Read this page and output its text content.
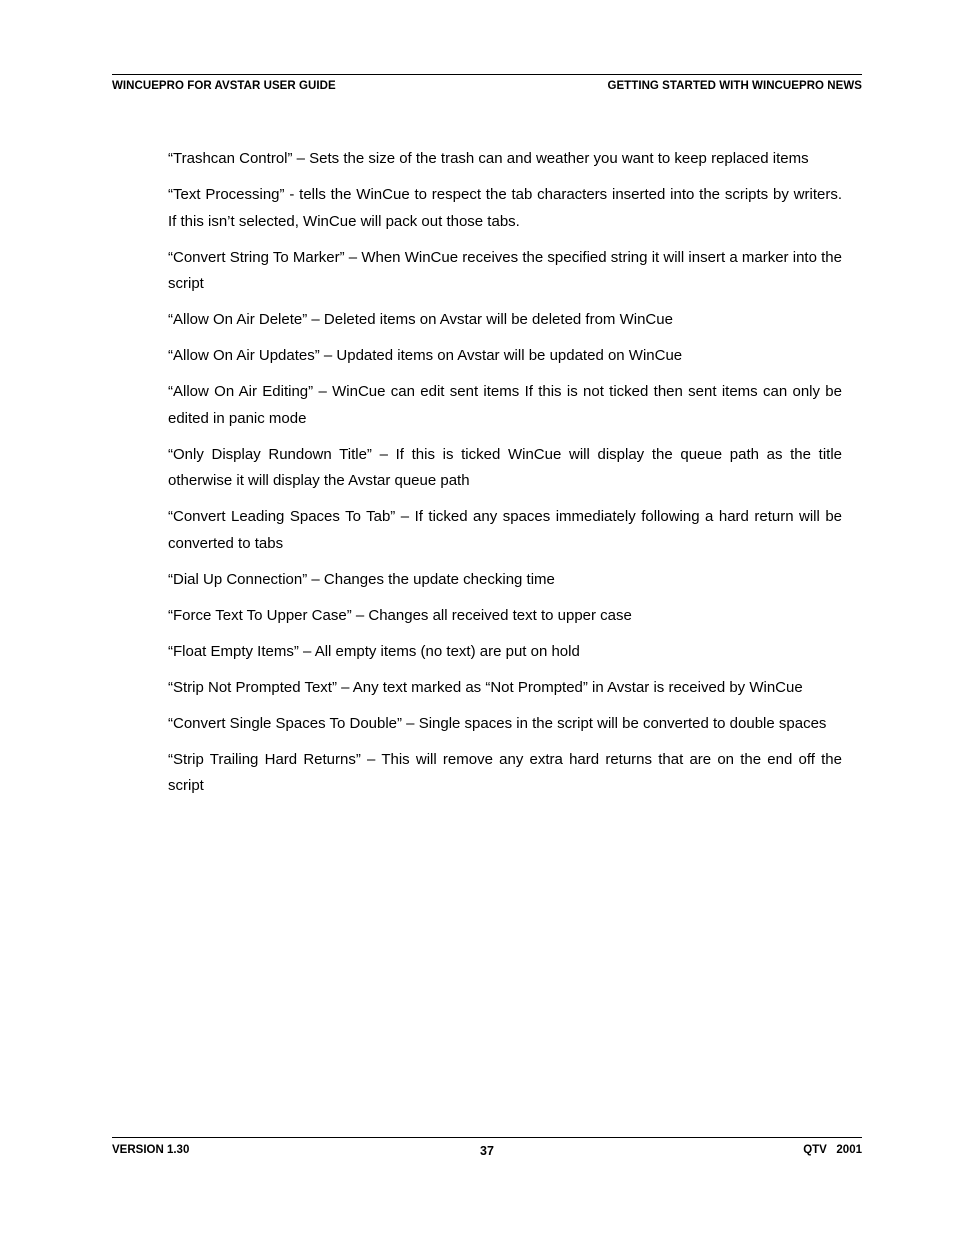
WINCUEPRO FOR AVSTAR USER GUIDE	GETTING STARTED WITH WINCUEPRO NEWS

“Trashcan Control” – Sets the size of the trash can and weather you want to keep replaced items

“Text Processing” - tells the WinCue to respect the tab characters inserted into the scripts by writers.   If this isn’t selected, WinCue will pack out those tabs.

“Convert String To Marker” – When WinCue receives the specified string it will insert a marker into the script

“Allow On Air Delete” – Deleted items on Avstar will be deleted from WinCue

“Allow On Air Updates” – Updated items on Avstar will be updated on WinCue

“Allow On Air Editing” – WinCue can edit sent items If this is not ticked then sent items can only be   edited in panic mode

“Only Display Rundown Title” – If this is ticked WinCue will display the queue path as the title otherwise it will display the Avstar queue path

“Convert Leading Spaces To Tab” – If ticked any spaces immediately following a hard return will be converted to tabs

“Dial Up Connection” – Changes the update checking time

“Force Text To Upper Case” – Changes all received text to upper case

“Float Empty Items” – All empty items (no text) are put on hold

“Strip Not Prompted Text” – Any text marked as “Not Prompted” in Avstar is received by WinCue

“Convert Single Spaces To Double” – Single spaces in the script will be converted to double spaces

“Strip Trailing Hard Returns” – This will remove any extra hard returns that are on the end off the script

VERSION 1.30	37	QTV   2001
